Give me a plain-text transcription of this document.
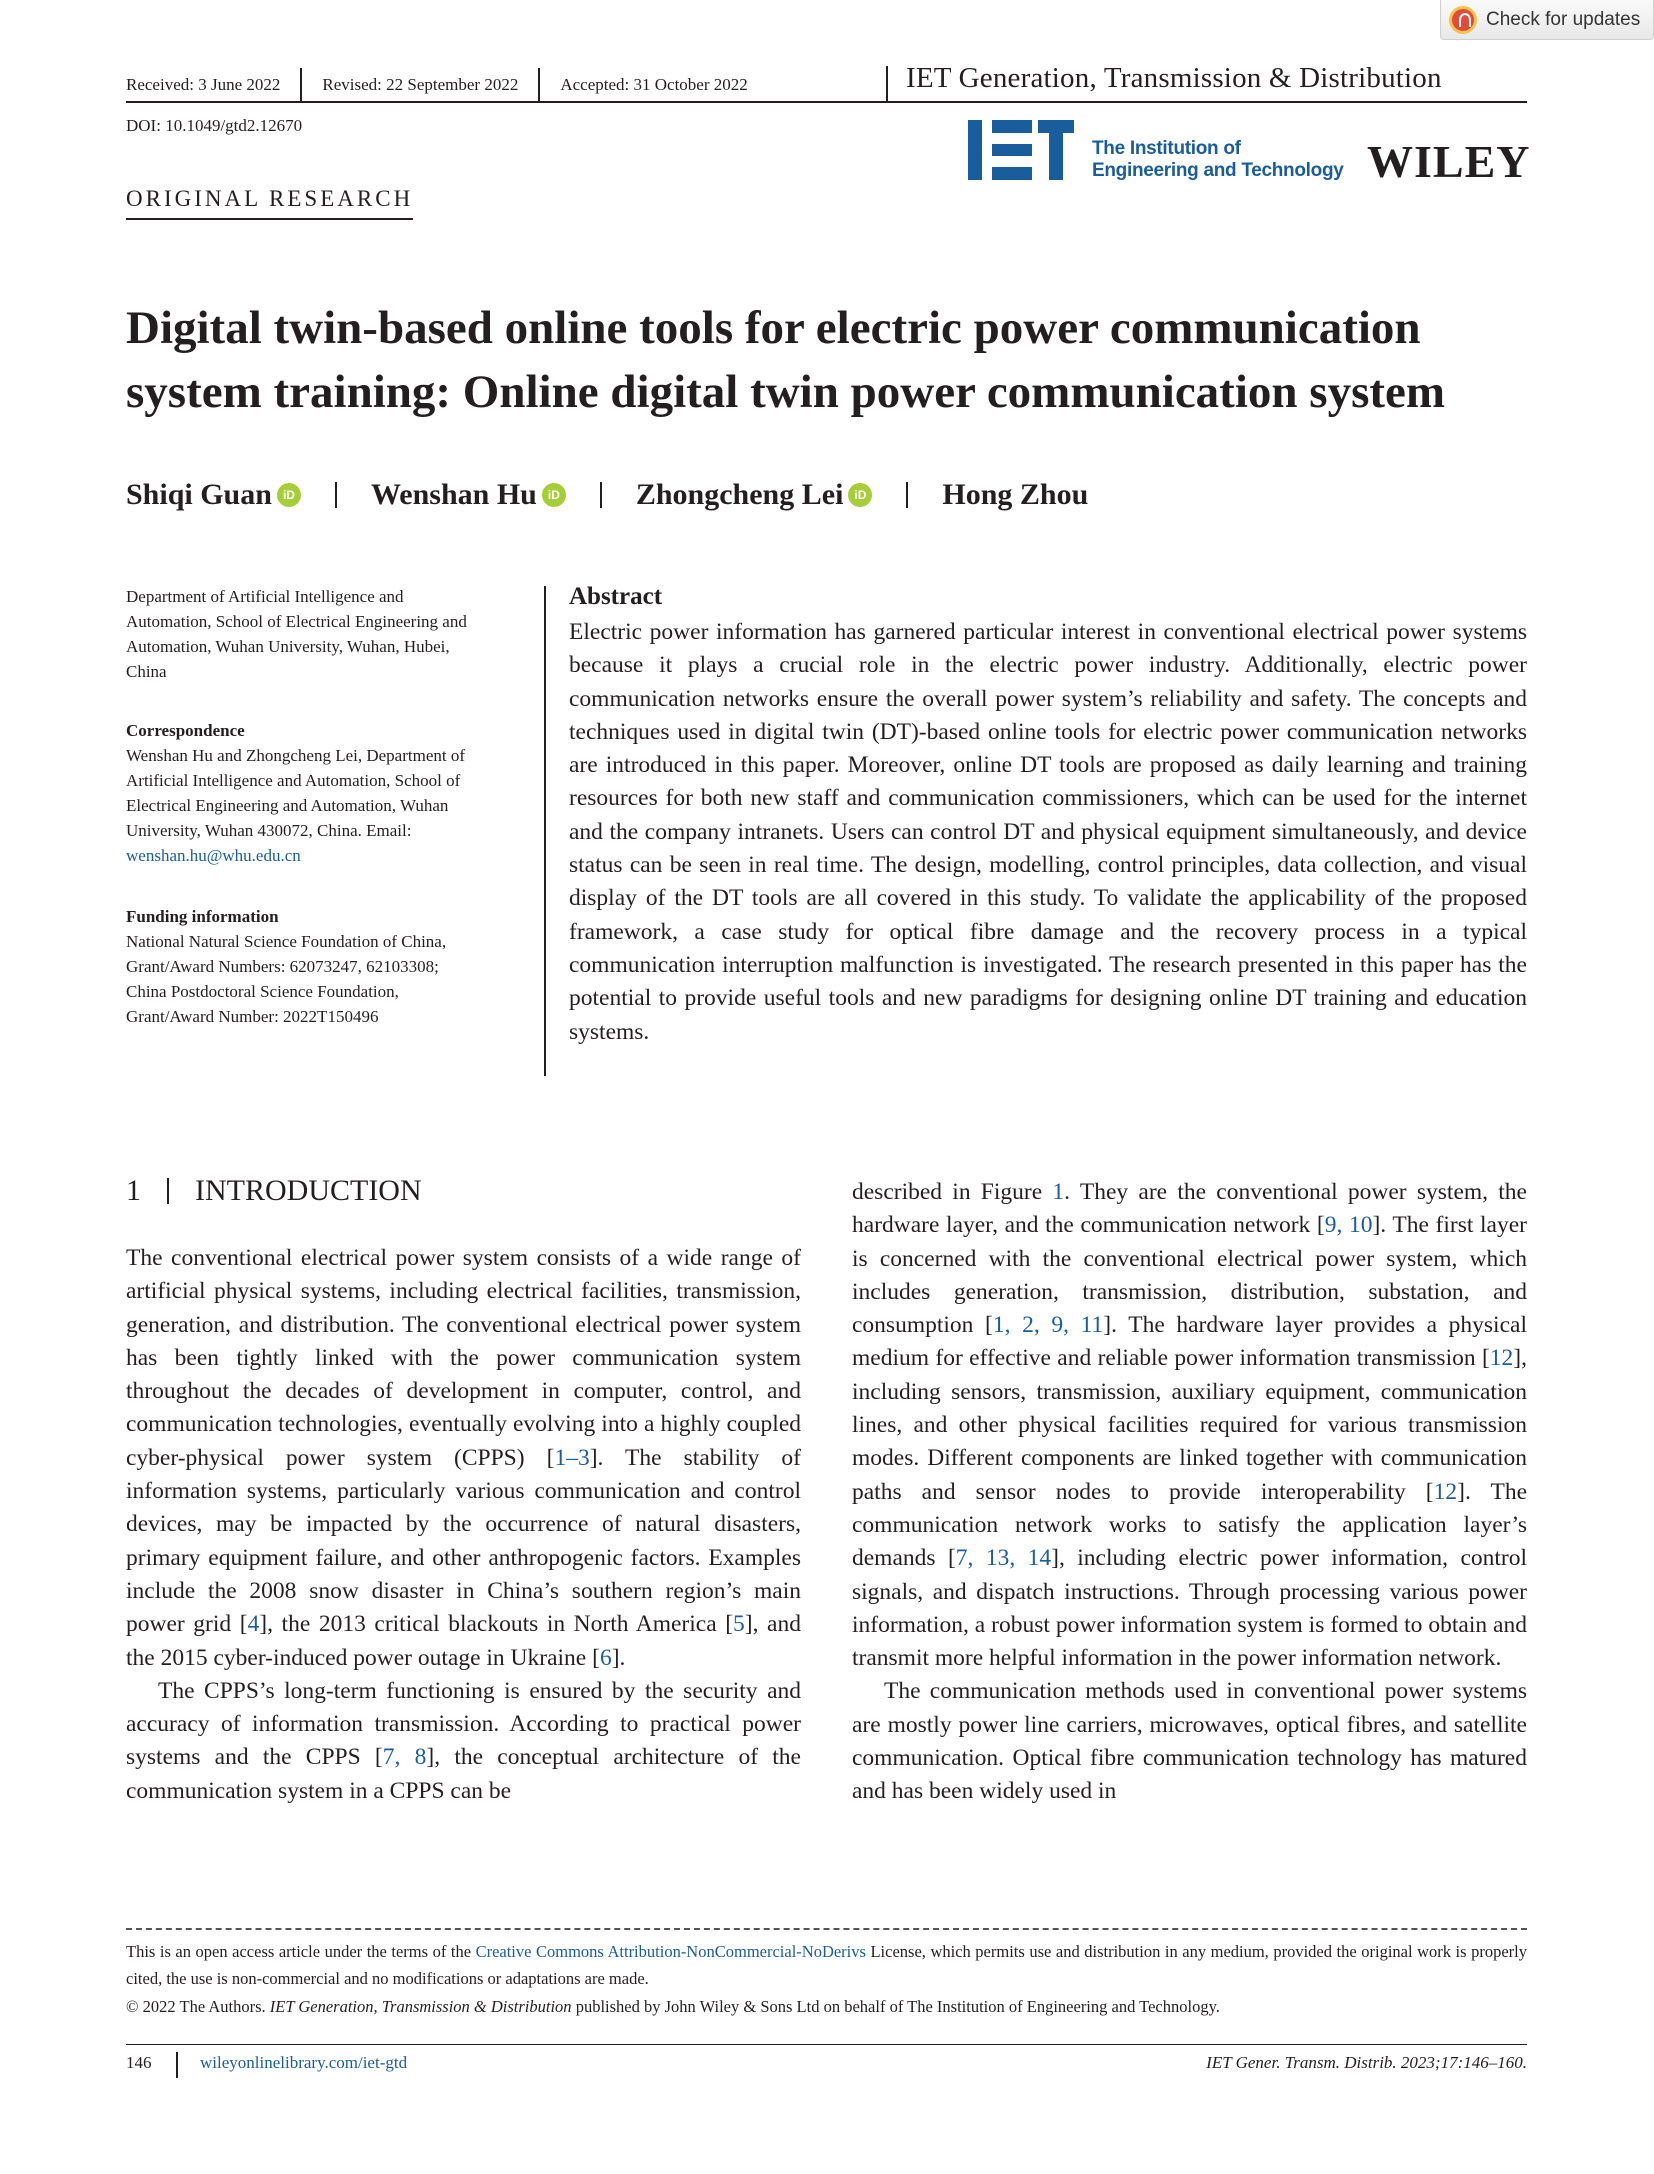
Check for updates
Received: 3 June 2022 Revised: 22 September 2022 Accepted: 31 October 2022	IET Generation, Transmission & Distribution
DOI: 10.1049/gtd2.12670
The Institution of
Engineering and Technology WILEY
ORIGINAL RESEARCH
Digital twin-based online tools for electric power communication
system training: Online digital twin power communication system
Shiqi Guan iD	Wenshan Hu iD	Zhongcheng Lei iD	Hong Zhou
Department of Artificial Intelligence and
Automation, School of Electrical Engineering and
Automation, Wuhan University, Wuhan, Hubei,
China
Correspondence
Wenshan Hu and Zhongcheng Lei, Department of
Artificial Intelligence and Automation, School of
Electrical Engineering and Automation, Wuhan
University, Wuhan 430072, China. Email:
wenshan.hu@whu.edu.cn
Funding information
National Natural Science Foundation of China,
Grant/Award Numbers: 62073247, 62103308;
China Postdoctoral Science Foundation,
Grant/Award Number: 2022T150496
Abstract
Electric power information has garnered particular interest in conventional electrical power systems because it plays a crucial role in the electric power industry. Additionally, electric power communication networks ensure the overall power system’s reliability and safety. The concepts and techniques used in digital twin (DT)-based online tools for electric power communication networks are introduced in this paper. Moreover, online DT tools are proposed as daily learning and training resources for both new staff and communication commissioners, which can be used for the internet and the company intranets. Users can control DT and physical equipment simultaneously, and device status can be seen in real time. The design, modelling, control principles, data collection, and visual display of the DT tools are all covered in this study. To validate the applicability of the proposed framework, a case study for optical fibre damage and the recovery process in a typical communication interruption malfunction is investigated. The research presented in this paper has the potential to provide useful tools and new paradigms for designing online DT training and education systems.
1 INTRODUCTION

The conventional electrical power system consists of a wide range of artificial physical systems, including electrical facilities, transmission, generation, and distribution. The conventional electrical power system has been tightly linked with the power communication system throughout the decades of development in computer, control, and communication technologies, eventually evolving into a highly coupled cyber-physical power system (CPPS) [1–3]. The stability of information systems, particularly various communication and control devices, may be impacted by the occurrence of natural disasters, primary equipment failure, and other anthropogenic factors. Examples include the 2008 snow disaster in China’s southern region’s main power grid [4], the 2013 critical blackouts in North America [5], and the 2015 cyber-induced power outage in Ukraine [6].

The CPPS’s long-term functioning is ensured by the security and accuracy of information transmission. According to practical power systems and the CPPS [7, 8], the conceptual architecture of the communication system in a CPPS can be

described in Figure 1. They are the conventional power system, the hardware layer, and the communication network [9, 10]. The first layer is concerned with the conventional electrical power system, which includes generation, transmission, distribution, substation, and consumption [1, 2, 9, 11]. The hardware layer provides a physical medium for effective and reliable power information transmission [12], including sensors, transmission, auxiliary equipment, communication lines, and other physical facilities required for various transmission modes. Different components are linked together with communication paths and sensor nodes to provide interoperability [12]. The communication network works to satisfy the application layer’s demands [7, 13, 14], including electric power information, control signals, and dispatch instructions. Through processing various power information, a robust power information system is formed to obtain and transmit more helpful information in the power information network.

The communication methods used in conventional power systems are mostly power line carriers, microwaves, optical fibres, and satellite communication. Optical fibre communication technology has matured and has been widely used in

This is an open access article under the terms of the Creative Commons Attribution-NonCommercial-NoDerivs License, which permits use and distribution in any medium, provided the original work is properly cited, the use is non-commercial and no modifications or adaptations are made.
© 2022 The Authors. IET Generation, Transmission & Distribution published by John Wiley & Sons Ltd on behalf of The Institution of Engineering and Technology.
146	wileyonlinelibrary.com/iet-gtd	IET Gener. Transm. Distrib. 2023;17:146–160.
